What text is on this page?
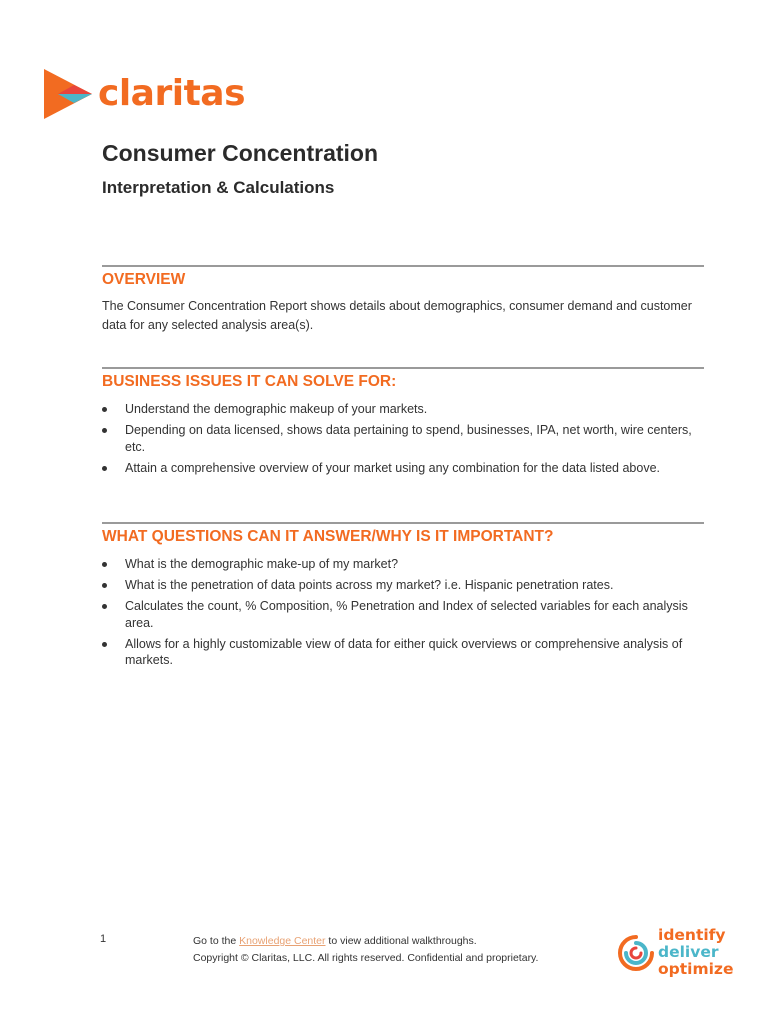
claritas
Consumer Concentration
Interpretation & Calculations
OVERVIEW
The Consumer Concentration Report shows details about demographics, consumer demand and customer data for any selected analysis area(s).
BUSINESS ISSUES IT CAN SOLVE FOR:
Understand the demographic makeup of your markets.
Depending on data licensed, shows data pertaining to spend, businesses, IPA, net worth, wire centers, etc.
Attain a comprehensive overview of your market using any combination for the data listed above.
WHAT QUESTIONS CAN IT ANSWER/WHY IS IT IMPORTANT?
What is the demographic make-up of my market?
What is the penetration of data points across my market? i.e. Hispanic penetration rates.
Calculates the count, % Composition, % Penetration and Index of selected variables for each analysis area.
Allows for a highly customizable view of data for either quick overviews or comprehensive analysis of markets.
1	Go to the Knowledge Center to view additional walkthroughs.
Copyright © Claritas, LLC. All rights reserved. Confidential and proprietary.
identify
deliver
optimize
